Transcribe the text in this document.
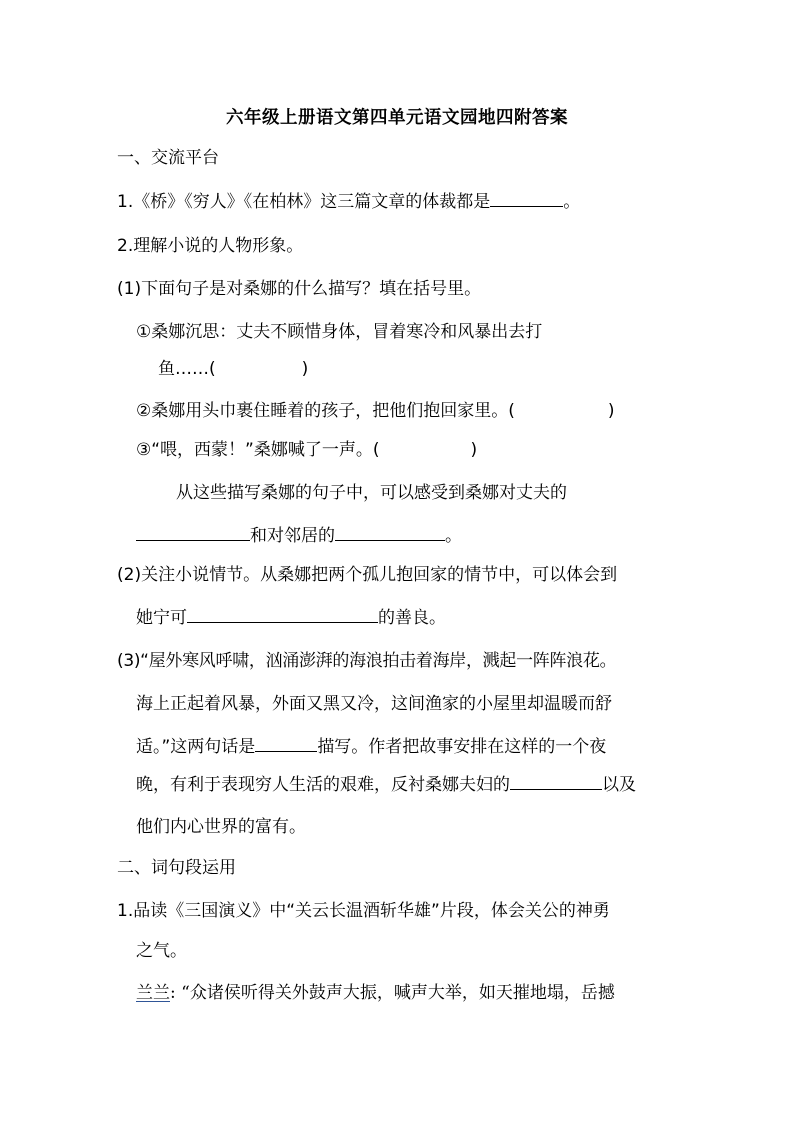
六年级上册语文第四单元语文园地四附答案
一、交流平台
1.《桥》《穷人》《在柏林》这三篇文章的体裁都是	。
2.理解小说的人物形象。
(1)下面句子是对桑娜的什么描写？填在括号里。
①桑娜沉思：丈夫不顾惜身体，冒着寒冷和风暴出去打
鱼……(	)
②桑娜用头巾裹住睡着的孩子，把他们抱回家里。(	)
③“喂，西蒙！”桑娜喊了一声。(	)
从这些描写桑娜的句子中，可以感受到桑娜对丈夫的
和对邻居的	。
(2)关注小说情节。从桑娜把两个孤儿抱回家的情节中，可以体会到
她宁可	的善良。
(3)“屋外寒风呼啸，汹涌澎湃的海浪拍击着海岸，溅起一阵阵浪花。
海上正起着风暴，外面又黑又冷，这间渔家的小屋里却温暖而舒
适。”这两句话是	描写。作者把故事安排在这样的一个夜
晚，有利于表现穷人生活的艰难，反衬桑娜夫妇的	以及
他们内心世界的富有。
二、词句段运用
1.品读《三国演义》中“关云长温酒斩华雄”片段，体会关公的神勇
之气。
兰兰: “众诸侯听得关外鼓声大振，喊声大举，如天摧地塌，岳撼
